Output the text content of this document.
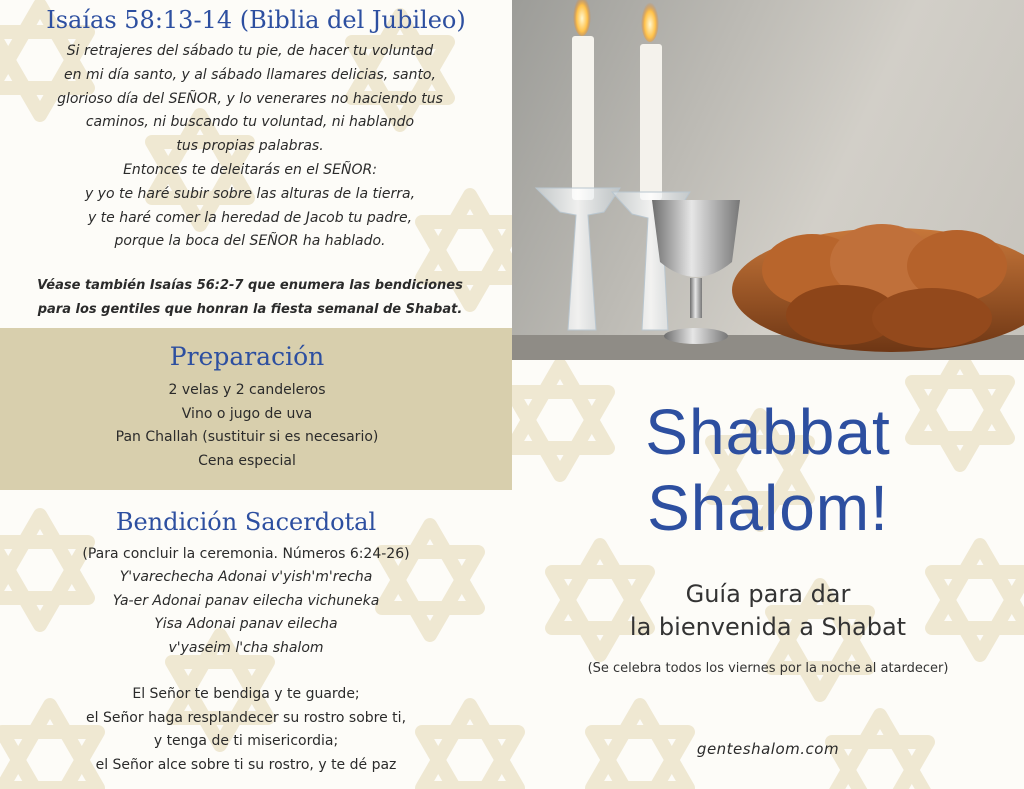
Isaías 58:13-14 (Biblia del Jubileo)
Si retrajeres del sábado tu pie, de hacer tu voluntad
en mi día santo, y al sábado llamares delicias, santo,
glorioso día del SEÑOR, y lo venerares no haciendo tus
caminos, ni buscando tu voluntad, ni hablando
tus propias palabras.
Entonces te deleitarás en el SEÑOR:
y yo te haré subir sobre las alturas de la tierra,
y te haré comer la heredad de Jacob tu padre,
porque la boca del SEÑOR ha hablado.
Véase también Isaías 56:2-7 que enumera las bendiciones
para los gentiles que honran la fiesta semanal de Shabat.
Preparación
2 velas y 2 candeleros
Vino o jugo de uva
Pan Challah (sustituir si es necesario)
Cena especial
Bendición Sacerdotal
(Para concluir la ceremonia. Números 6:24-26)
Y'varechecha Adonai v'yish'm'recha
Ya-er Adonai panav eilecha vichuneka
Yisa Adonai panav eilecha
v'yaseim l'cha shalom
El Señor te bendiga y te guarde;
el Señor haga resplandecer su rostro sobre ti,
y tenga de ti misericordia;
el Señor alce sobre ti su rostro, y te dé paz
Shabbat
Shalom!
Guía para dar
la bienvenida a Shabat
(Se celebra todos los viernes por la noche al atardecer)
genteshalom.com
